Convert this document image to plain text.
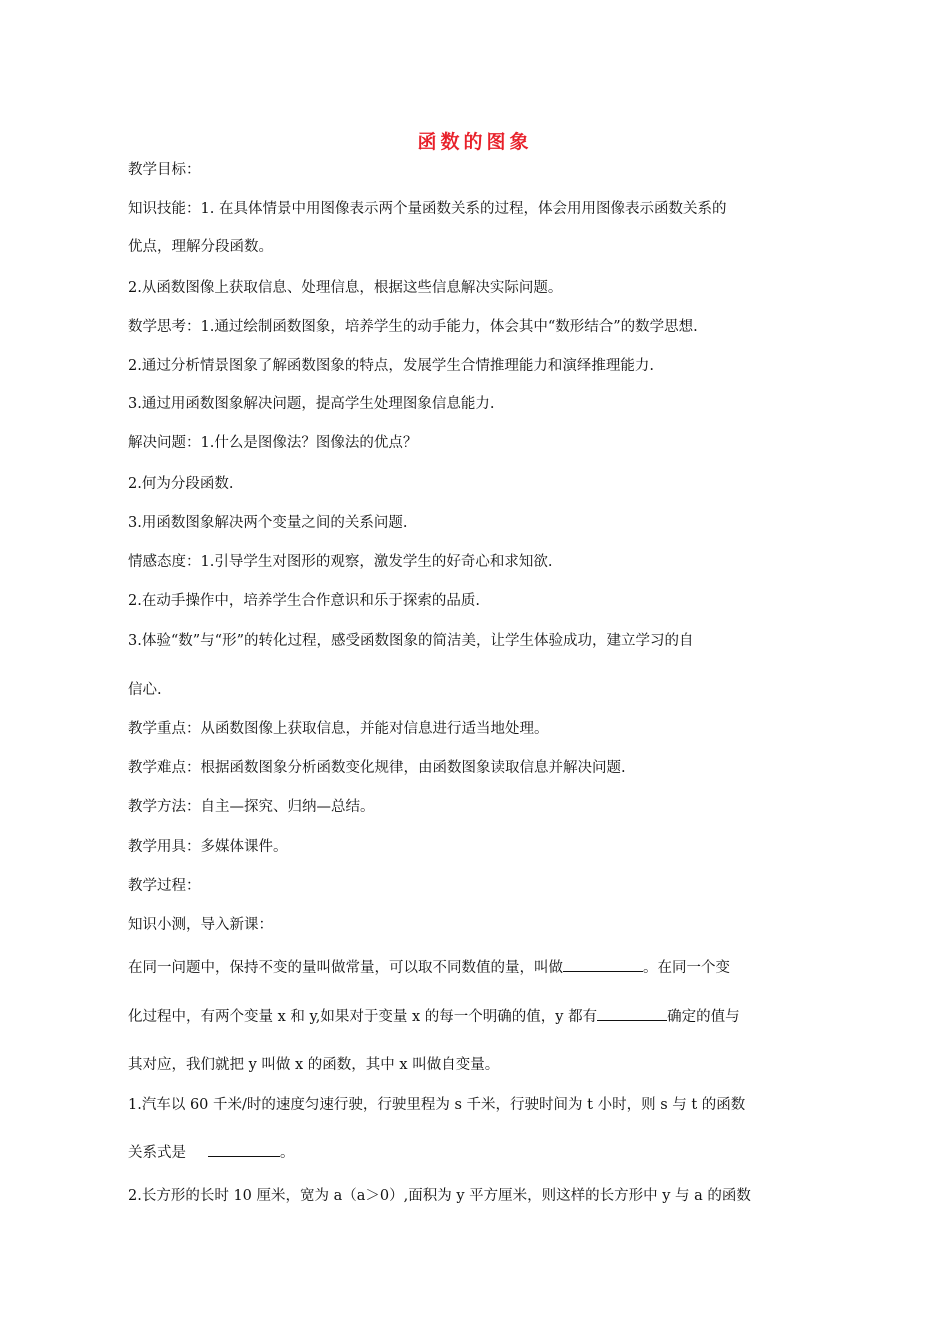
函数的图象
教学目标：
知识技能：1. 在具体情景中用图像表示两个量函数关系的过程，体会用用图像表示函数关系的
优点，理解分段函数。
2.从函数图像上获取信息、处理信息，根据这些信息解决实际问题。
数学思考：1.通过绘制函数图象，培养学生的动手能力，体会其中“数形结合”的数学思想.
2.通过分析情景图象了解函数图象的特点，发展学生合情推理能力和演绎推理能力.
3.通过用函数图象解决问题，提高学生处理图象信息能力.
解决问题：1.什么是图像法？图像法的优点？
2.何为分段函数.
3.用函数图象解决两个变量之间的关系问题.
情感态度：1.引导学生对图形的观察，激发学生的好奇心和求知欲.
2.在动手操作中，培养学生合作意识和乐于探索的品质.
3.体验“数”与“形”的转化过程，感受函数图象的简洁美，让学生体验成功，建立学习的自
信心.
教学重点：从函数图像上获取信息，并能对信息进行适当地处理。
教学难点：根据函数图象分析函数变化规律，由函数图象读取信息并解决问题.
教学方法：自主—探究、归纳—总结。
教学用具：多媒体课件。
教学过程：
知识小测，导入新课：
在同一问题中，保持不变的量叫做常量，可以取不同数值的量，叫做	。在同一个变
化过程中，有两个变量 x 和 y,如果对于变量 x 的每一个明确的值，y 都有	确定的值与
其对应，我们就把 y 叫做 x 的函数，其中 x 叫做自变量。
1.汽车以 60 千米/时的速度匀速行驶，行驶里程为 s 千米，行驶时间为 t 小时，则 s 与 t 的函数
关系式是	。
2.长方形的长时 10 厘米，宽为 a（a＞0）,面积为 y 平方厘米，则这样的长方形中 y 与 a 的函数
